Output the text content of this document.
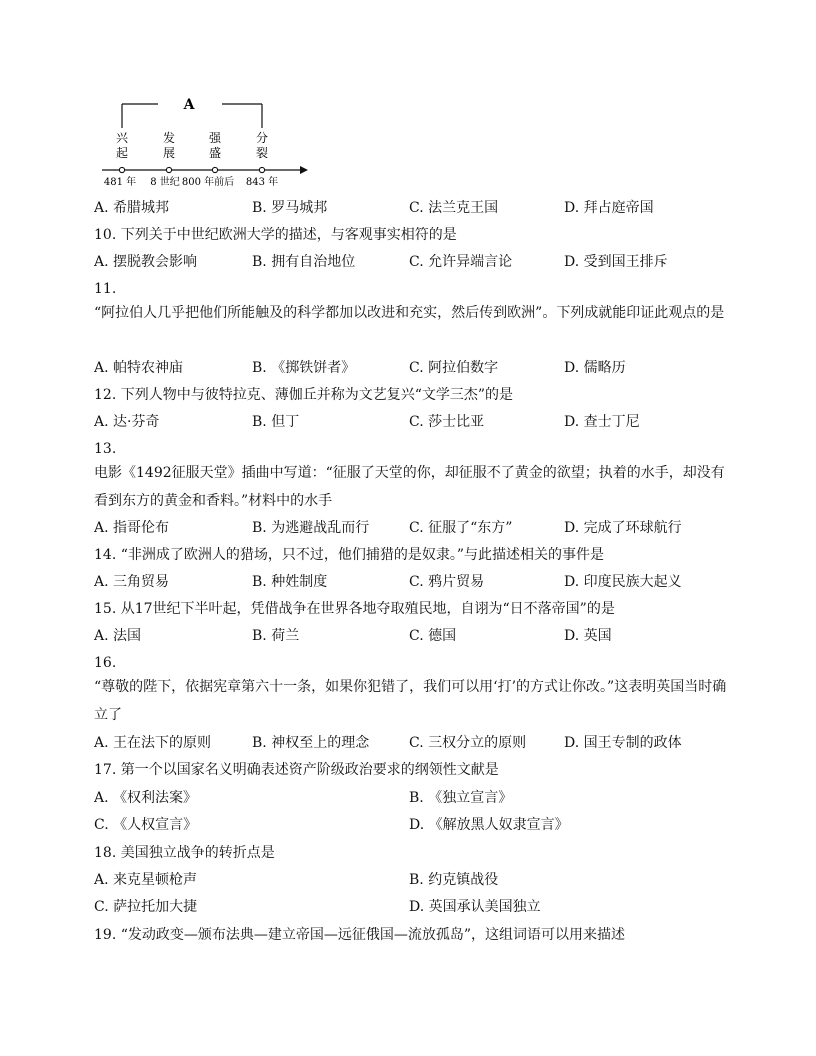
A
兴起
发展
强盛
分裂
481 年 8 世纪 800 年前后 843 年
A. 希腊城邦	B. 罗马城邦	C. 法兰克王国	D. 拜占庭帝国
10. 下列关于中世纪欧洲大学的描述，与客观事实相符的是
A. 摆脱教会影响	B. 拥有自治地位	C. 允许异端言论	D. 受到国王排斥
11.
“阿拉伯人几乎把他们所能触及的科学都加以改进和充实，然后传到欧洲”。下列成就能印证此观点的是
A. 帕特农神庙	B. 《掷铁饼者》	C. 阿拉伯数字	D. 儒略历
12. 下列人物中与彼特拉克、薄伽丘并称为文艺复兴“文学三杰”的是
A. 达·芬奇	B. 但丁	C. 莎士比亚	D. 查士丁尼
13.
电影《1492征服天堂》插曲中写道：“征服了天堂的你，却征服不了黄金的欲望；执着的水手，却没有看到东方的黄金和香料。”材料中的水手
A. 指哥伦布	B. 为逃避战乱而行	C. 征服了“东方”	D. 完成了环球航行
14. “非洲成了欧洲人的猎场，只不过，他们捕猎的是奴隶。”与此描述相关的事件是
A. 三角贸易	B. 种姓制度	C. 鸦片贸易	D. 印度民族大起义
15. 从17世纪下半叶起，凭借战争在世界各地夺取殖民地，自诩为“日不落帝国”的是
A. 法国	B. 荷兰	C. 德国	D. 英国
16.
“尊敬的陛下，依据宪章第六十一条，如果你犯错了，我们可以用‘打’的方式让你改。”这表明英国当时确立了
A. 王在法下的原则	B. 神权至上的理念	C. 三权分立的原则	D. 国王专制的政体
17. 第一个以国家名义明确表述资产阶级政治要求的纲领性文献是
A. 《权利法案》	B. 《独立宣言》
C. 《人权宣言》	D. 《解放黑人奴隶宣言》
18. 美国独立战争的转折点是
A. 来克星顿枪声	B. 约克镇战役
C. 萨拉托加大捷	D. 英国承认美国独立
19. “发动政变—颁布法典—建立帝国—远征俄国—流放孤岛”，这组词语可以用来描述
